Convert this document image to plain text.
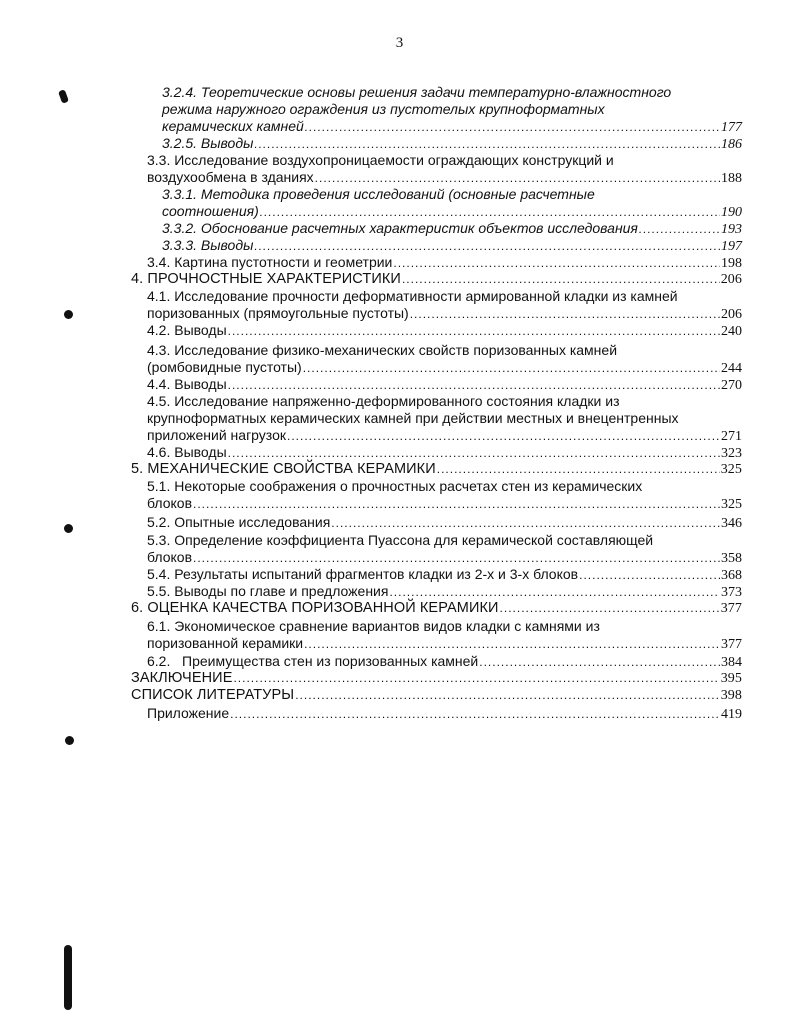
3
3.2.4. Теоретические основы решения задачи температурно-влажностного
режима наружного ограждения из пустотелых крупноформатных
керамических камней .....	177
3.2.5. Выводы .....	186
3.3. Исследование воздухопроницаемости ограждающих конструкций и
воздухообмена в зданиях .....	188
3.3.1. Методика проведения исследований (основные расчетные
соотношения) .....	190
3.3.2. Обоснование расчетных характеристик объектов исследования .....	193
3.3.3. Выводы .....	197
3.4. Картина пустотности и геометрии .....	198
4. ПРОЧНОСТНЫЕ ХАРАКТЕРИСТИКИ .....	206
4.1. Исследование прочности деформативности армированной кладки из камней
поризованных (прямоугольные пустоты) .....	206
4.2. Выводы .....	240
4.3. Исследование физико-механических свойств поризованных камней
(ромбовидные пустоты) .....	244
4.4. Выводы .....	270
4.5. Исследование напряженно-деформированного состояния кладки из
крупноформатных керамических камней при действии местных и внецентренных
приложений нагрузок .....	271
4.6. Выводы .....	323
5. МЕХАНИЧЕСКИЕ СВОЙСТВА КЕРАМИКИ .....	325
5.1. Некоторые соображения о прочностных расчетах стен из керамических
блоков .....	325
5.2. Опытные исследования .....	346
5.3. Определение коэффициента Пуассона для керамической составляющей
блоков .....	358
5.4. Результаты испытаний фрагментов кладки из 2-х и 3-х блоков .....	368
5.5. Выводы по главе и предложения .....	373
6. ОЦЕНКА КАЧЕСТВА ПОРИЗОВАННОЙ КЕРАМИКИ .....	377
6.1. Экономическое сравнение вариантов видов кладки с камнями из
поризованной керамики .....	377
6.2.   Преимущества стен из поризованных камней .....	384
ЗАКЛЮЧЕНИЕ .....	395
СПИСОК ЛИТЕРАТУРЫ .....	398
Приложение .....	419
